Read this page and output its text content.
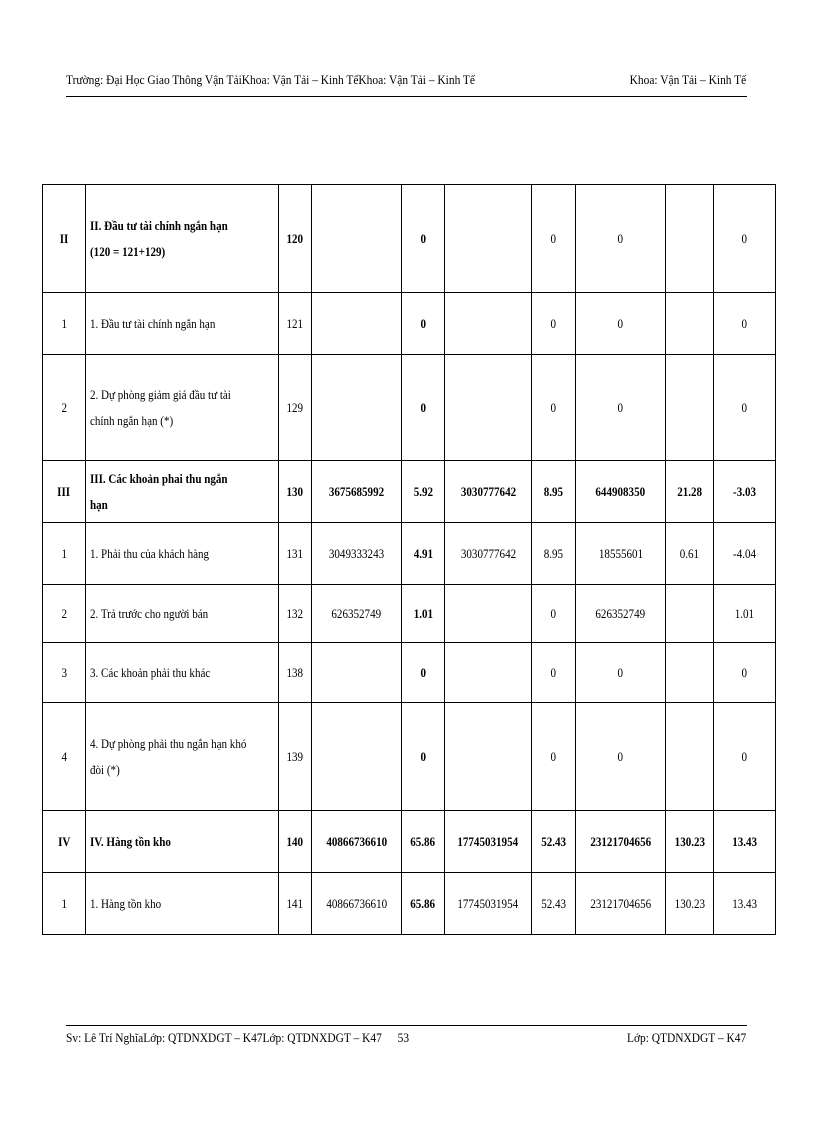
Trường: Đại Học Giao Thông Vận TảiKhoa: Vận Tải – Kinh TếKhoa: Vận Tải – Kinh Tế	Khoa: Vận Tải – Kinh Tế
II	II. Đầu tư tài chính ngắn hạn (120 = 121+129)	120		0		0	0		0
1	1. Đầu tư tài chính ngắn hạn	121		0		0	0		0
2	2. Dự phòng giảm giá đầu tư tài chính ngắn hạn (*)	129		0		0	0		0
III	III. Các khoản phai thu ngắn hạn	130	3675685992	5.92	3030777642	8.95	644908350	21.28	-3.03
1	1. Phải thu của khách hàng	131	3049333243	4.91	3030777642	8.95	18555601	0.61	-4.04
2	2. Trả trước cho người bán	132	626352749	1.01		0	626352749		1.01
3	3. Các khoản phải thu khác	138		0		0	0		0
4	4. Dự phòng phải thu ngắn hạn khó đòi (*)	139		0		0	0		0
IV	IV. Hàng tồn kho	140	40866736610	65.86	17745031954	52.43	23121704656	130.23	13.43
1	1. Hàng tồn kho	141	40866736610	65.86	17745031954	52.43	23121704656	130.23	13.43
Sv: Lê Trí NghĩaLớp: QTDNXDGT – K47Lớp: QTDNXDGT – K47 53	Lớp: QTDNXDGT – K47
